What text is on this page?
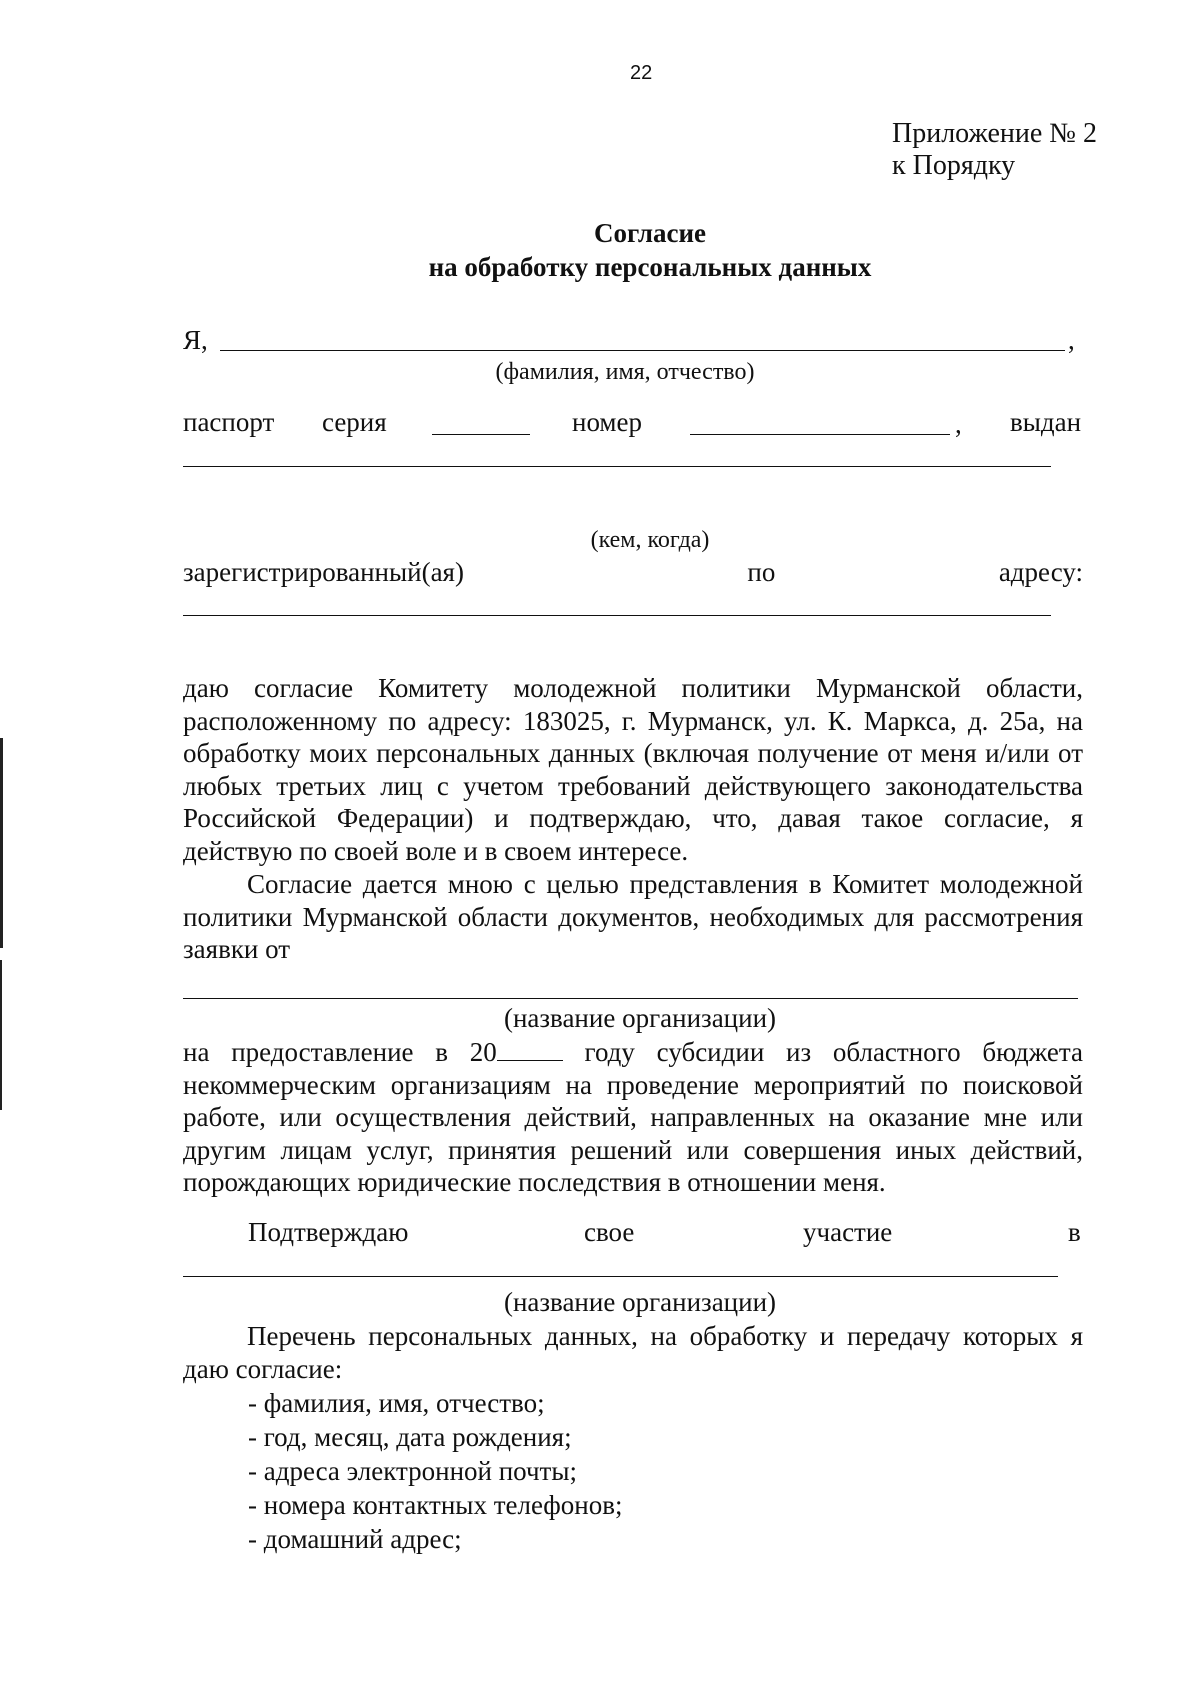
22
Приложение № 2
к Порядку
Согласие
на обработку персональных данных
Я,	,
(фамилия, имя, отчество)
паспорт серия	номер	, выдан
(кем, когда)
зарегистрированный(ая)	по	адресу:
даю согласие Комитету молодежной политики Мурманской области, расположенному по адресу: 183025, г. Мурманск, ул. К. Маркса, д. 25а, на обработку моих персональных данных (включая получение от меня и/или от любых третьих лиц с учетом требований действующего законодательства Российской Федерации) и подтверждаю, что, давая такое согласие, я действую по своей воле и в своем интересе.
Согласие дается мною с целью представления в Комитет молодежной политики Мурманской области документов, необходимых для рассмотрения заявки от
(название организации)
на предоставление в 20 году субсидии из областного бюджета некоммерческим организациям на проведение мероприятий по поисковой работе, или осуществления действий, направленных на оказание мне или другим лицам услуг, принятия решений или совершения иных действий, порождающих юридические последствия в отношении меня.
Подтверждаю	свое	участие	в
(название организации)
Перечень персональных данных, на обработку и передачу которых я даю согласие:
- фамилия, имя, отчество;
- год, месяц, дата рождения;
- адреса электронной почты;
- номера контактных телефонов;
- домашний адрес;
